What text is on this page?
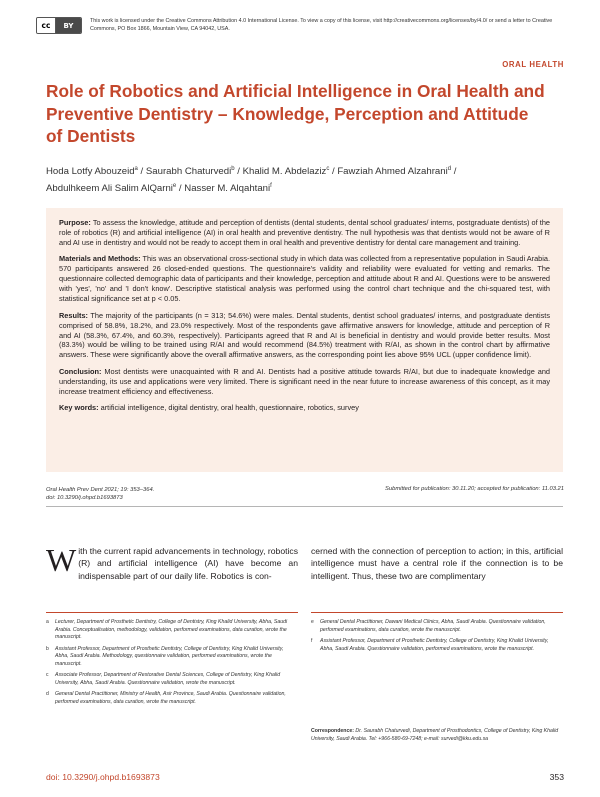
cc	BY
This work is licensed under the Creative Commons Attribution 4.0 International License. To view a copy of this license, visit http://creativecommons.org/licenses/by/4.0/ or send a letter to Creative Commons, PO Box 1866, Mountain View, CA 94042, USA.
ORAL HEALTH
Role of Robotics and Artificial Intelligence in Oral Health and Preventive Dentistry – Knowledge, Perception and Attitude of Dentists
Hoda Lotfy Abouzeid$^a$ / Saurabh Chaturvedi$^b$ / Khalid M. Abdelaziz$^c$ / Fawziah Ahmed Alzahrani$^d$ /
Abdulhkeem Ali Salim AlQarni$^e$ / Nasser M. Alqahtani$^f$

Purpose: To assess the knowledge, attitude and perception of dentists (dental students, dental school graduates/ interns, postgraduate dentists) of the role of robotics (R) and artificial intelligence (AI) in oral health and preventive dentistry. The null hypothesis was that dentists would not be aware of R and AI use in dentistry and would not be ready to accept them in oral health and preventive dentistry for dental care management and training.

Materials and Methods: This was an observational cross-sectional study in which data was collected from a representative population in Saudi Arabia. 570 participants answered 26 closed-ended questions. The questionnaire's validity and reliability were evaluated for vetting and remarks. The questionnaire collected demographic data of participants and their knowledge, perception and attitude about R and AI. Questions were to be answered with 'yes', 'no' and 'I don't know'. Descriptive statistical analysis was performed using the control chart technique and the chi-squared test, with statistical significance set at p < 0.05.

Results: The majority of the participants (n = 313; 54.6%) were males. Dental students, dentist school graduates/ interns, and postgraduate dentists comprised of 58.8%, 18.2%, and 23.0% respectively. Most of the respondents gave affirmative answers for knowledge, attitude and perception of R and AI (58.3%, 67.4%, and 60.3%, respectively). Participants agreed that R and AI is beneficial in dentistry and would provide better results. Most (83.3%) would be willing to be trained using R/AI and would recommend (84.5%) treatment with R/AI, as shown in the control chart by affirmative answers. These were significantly above the overall affirmative answers, as the corresponding point lies above 95% UCL (upper confidence limit).

Conclusion: Most dentists were unacquainted with R and AI. Dentists had a positive attitude towards R/AI, but due to inadequate knowledge and understanding, its use and applications were very limited. There is significant need in the near future to increase awareness of this concept, as it may increase treatment efficiency and effectiveness.

Key words: artificial intelligence, digital dentistry, oral health, questionnaire, robotics, survey

Oral Health Prev Dent 2021; 19: 353–364.
doi: 10.3290/j.ohpd.b1693873
Submitted for publication: 30.11.20; accepted for publication: 11.03.21
With the current rapid advancements in technology, robotics (R) and artificial intelligence (AI) have become an indispensable part of our daily life. Robotics is con-
cerned with the connection of perception to action; in this, artificial intelligence must have a central role if the connection is to be intelligent. Thus, these two are complimentary
a	Lecturer, Department of Prosthetic Dentistry, College of Dentistry, King Khalid University, Abha, Saudi Arabia. Conceptualisation, methodology, validation, performed examinations, data curation, wrote the manuscript.
b	Assistant Professor, Department of Prosthetic Dentistry, College of Dentistry, King Khalid University, Abha, Saudi Arabia. Methodology, questionnaire validation, performed examinations, wrote the manuscript.
c	Associate Professor, Department of Restorative Dental Sciences, College of Dentistry, King Khalid University, Abha, Saudi Arabia. Questionnaire validation, wrote the manuscript.
d	General Dental Practitioner, Ministry of Health, Asir Province, Saudi Arabia. Questionnaire validation, performed examinations, data curation, wrote the manuscript.
e	General Dental Practitioner, Dawani Medical Clinics, Abha, Saudi Arabia. Questionnaire validation, performed examinations, data curation, wrote the manuscript.
f	Assistant Professor, Department of Prosthetic Dentistry, College of Dentistry, King Khalid University, Abha, Saudi Arabia. Questionnaire validation, performed examinations, wrote the manuscript.
Correspondence: Dr. Saurabh Chaturvedi, Department of Prosthodontics, College of Dentistry, King Khalid University, Saudi Arabia. Tel: +966-580-69-7248; e-mail: survedi@kku.edu.sa
doi: 10.3290/j.ohpd.b1693873	353
